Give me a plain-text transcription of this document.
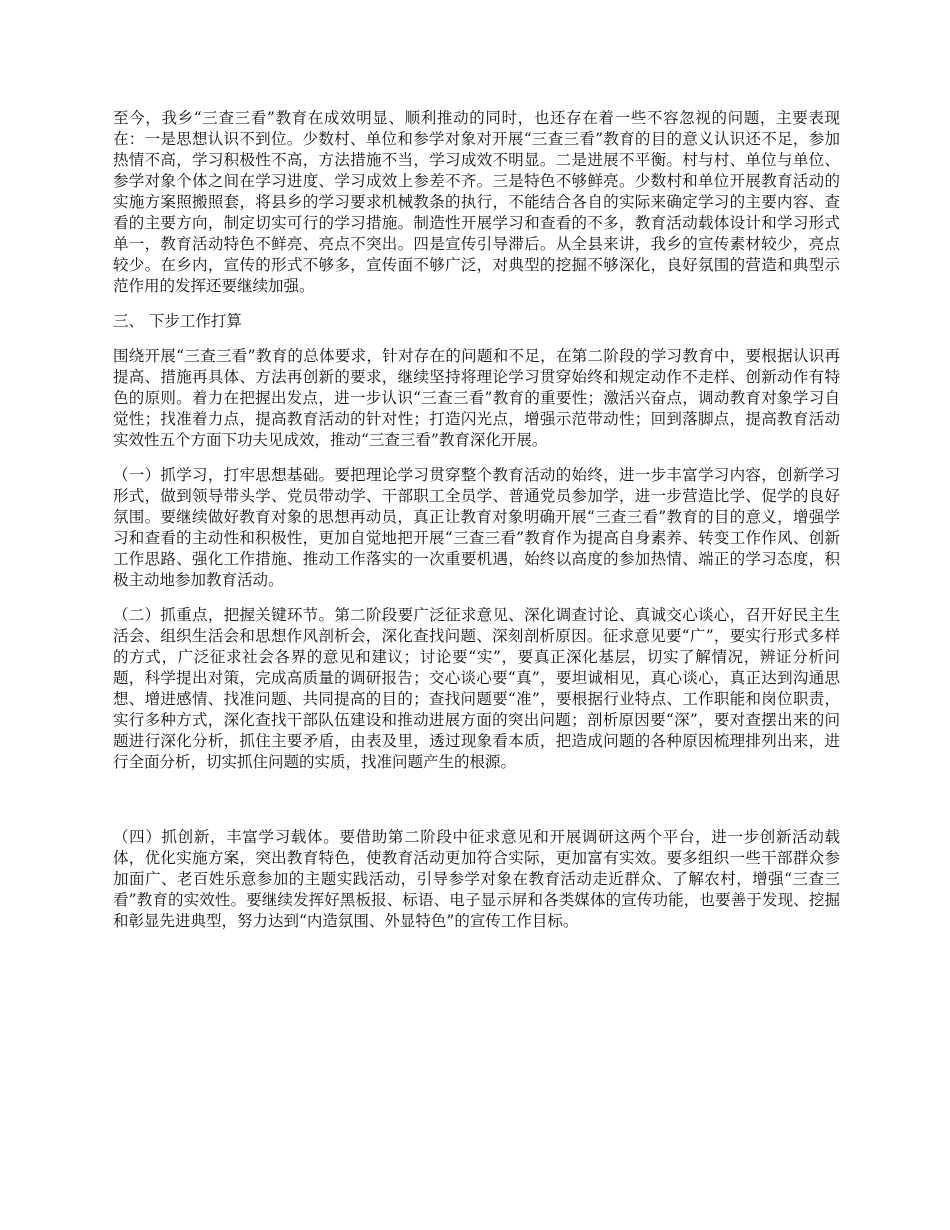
至今，我乡“三查三看”教育在成效明显、顺利推动的同时，也还存在着一些不容忽视的问题，主要表现在：一是思想认识不到位。少数村、单位和参学对象对开展“三查三看”教育的目的意义认识还不足，参加热情不高，学习积极性不高，方法措施不当，学习成效不明显。二是进展不平衡。村与村、单位与单位、参学对象个体之间在学习进度、学习成效上参差不齐。三是特色不够鲜亮。少数村和单位开展教育活动的实施方案照搬照套，将县乡的学习要求机械教条的执行，不能结合各自的实际来确定学习的主要内容、查看的主要方向，制定切实可行的学习措施。制造性开展学习和查看的不多，教育活动载体设计和学习形式单一，教育活动特色不鲜亮、亮点不突出。四是宣传引导滞后。从全县来讲，我乡的宣传素材较少，亮点较少。在乡内，宣传的形式不够多，宣传面不够广泛，对典型的挖掘不够深化，良好氛围的营造和典型示范作用的发挥还要继续加强。

三、 下步工作打算

围绕开展“三查三看”教育的总体要求，针对存在的问题和不足，在第二阶段的学习教育中，要根据认识再提高、措施再具体、方法再创新的要求，继续坚持将理论学习贯穿始终和规定动作不走样、创新动作有特色的原则。着力在把握出发点，进一步认识“三查三看”教育的重要性；激活兴奋点，调动教育对象学习自觉性；找准着力点，提高教育活动的针对性；打造闪光点，增强示范带动性；回到落脚点，提高教育活动实效性五个方面下功夫见成效，推动“三查三看”教育深化开展。

（一）抓学习，打牢思想基础。要把理论学习贯穿整个教育活动的始终，进一步丰富学习内容，创新学习形式，做到领导带头学、党员带动学、干部职工全员学、普通党员参加学，进一步营造比学、促学的良好氛围。要继续做好教育对象的思想再动员，真正让教育对象明确开展“三查三看”教育的目的意义，增强学习和查看的主动性和积极性，更加自觉地把开展“三查三看”教育作为提高自身素养、转变工作作风、创新工作思路、强化工作措施、推动工作落实的一次重要机遇，始终以高度的参加热情、端正的学习态度，积极主动地参加教育活动。

（二）抓重点，把握关键环节。第二阶段要广泛征求意见、深化调查讨论、真诚交心谈心，召开好民主生活会、组织生活会和思想作风剖析会，深化查找问题、深刻剖析原因。征求意见要“广”，要实行形式多样的方式，广泛征求社会各界的意见和建议；讨论要“实”，要真正深化基层，切实了解情况，辨证分析问题，科学提出对策，完成高质量的调研报告；交心谈心要“真”，要坦诚相见，真心谈心，真正达到沟通思想、增进感情、找准问题、共同提高的目的；查找问题要“准”，要根据行业特点、工作职能和岗位职责，实行多种方式，深化查找干部队伍建设和推动进展方面的突出问题；剖析原因要“深”，要对查摆出来的问题进行深化分析，抓住主要矛盾，由表及里，透过现象看本质，把造成问题的各种原因梳理排列出来，进行全面分析，切实抓住问题的实质，找准问题产生的根源。

（四）抓创新，丰富学习载体。要借助第二阶段中征求意见和开展调研这两个平台，进一步创新活动载体，优化实施方案，突出教育特色，使教育活动更加符合实际，更加富有实效。要多组织一些干部群众参加面广、老百姓乐意参加的主题实践活动，引导参学对象在教育活动走近群众、了解农村，增强“三查三看”教育的实效性。要继续发挥好黑板报、标语、电子显示屏和各类媒体的宣传功能，也要善于发现、挖掘和彰显先进典型，努力达到“内造氛围、外显特色”的宣传工作目标。
